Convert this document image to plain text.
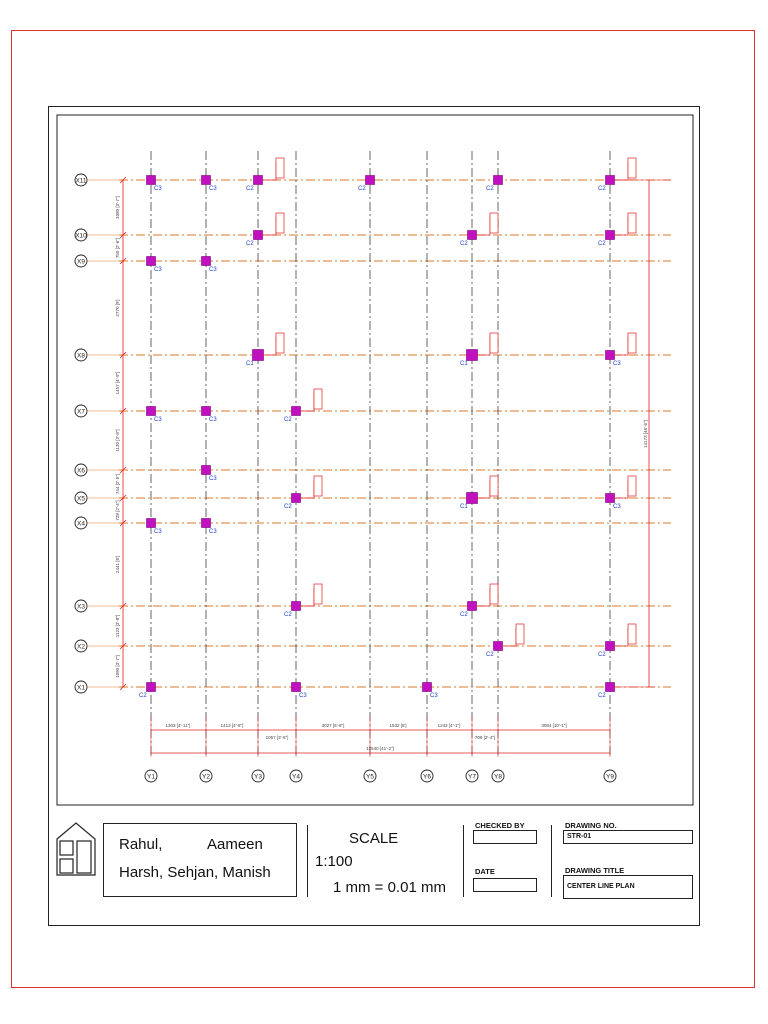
X1
X2
X3
X4
X5
X6
X7
X8
X9
X10
X11
Y1	Y2	Y3	Y4	Y5	Y6	Y7	Y8	Y9
C3	C3	C2	C2	C2	C2
C2	C2	C2
C3	C3
C1	C1	C3
C3	C3	C2
C3
C2	C1	C3
C3	C3
C2	C2
C2	C2
C2	C3	C3	C2
1080 [3'-7"]
750 [2'-6"]
2770 [9']
1457 [4'-9"]
1130 [3'-8"]
744 [2'-5"]
728 [2'-4"]
2441 [8']
1123 [3'-8"]
1090 [3'-7"]
14173 [46'-6"]
1303 [4'-11"]	1413 [4'-8"]	3027 [6'-8"]	1532 [5']	1242 [4'-1"]	3084 [10'-1"]
1057 [3'-6"]	709 [2'-4"]
12540 [41'-2"]
Rahul,	Aameen
Harsh, Sehjan, Manish
SCALE
1:100
1 mm = 0.01 mm
CHECKED BY
DATE
DRAWING NO.
STR-01
DRAWING TITLE
CENTER LINE PLAN
